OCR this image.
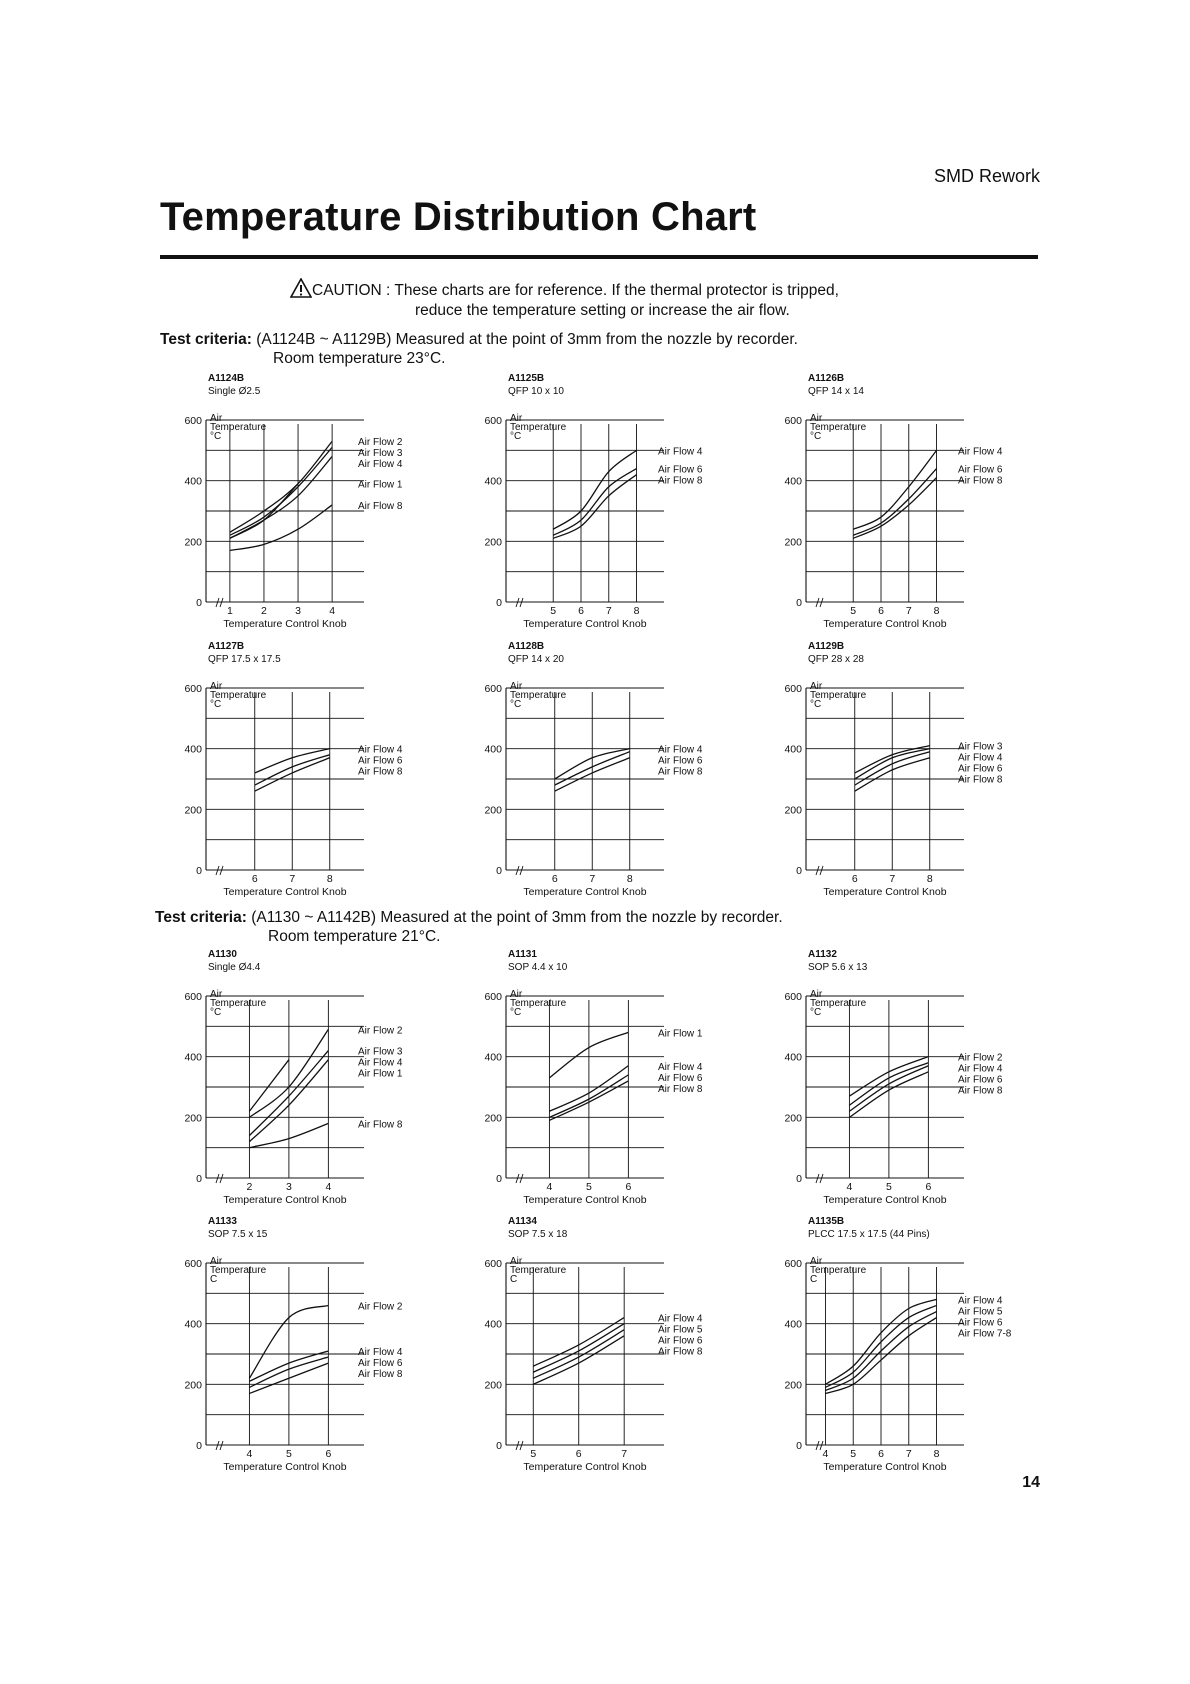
SMD Rework
Temperature Distribution Chart
CAUTION : These charts are for reference. If the thermal protector is tripped,
reduce the temperature setting or increase the air flow.
Test criteria: (A1124B ~ A1129B) Measured at the point of 3mm from the nozzle by recorder.
Room temperature 23°C.
Test criteria: (A1130 ~ A1142B) Measured at the point of 3mm from the nozzle by recorder.
Room temperature 21°C.
A1124B
Single Ø2.5
0
200
400
600
1	2	3	4
Air
Temperature
°C
Temperature Control Knob
Air Flow 2
Air Flow 3
Air Flow 4
Air Flow 1
Air Flow 8
A1125B
QFP 10 x 10
0
200
400
600
5 6 7 8
Air
Temperature
°C
Temperature Control Knob
Air Flow 4
Air Flow 6
Air Flow 8
A1126B
QFP 14 x 14
0
200
400
600
5 6 7 8
Air
Temperature
°C
Temperature Control Knob
Air Flow 4
Air Flow 6
Air Flow 8
A1127B
QFP 17.5 x 17.5
0
200
400
600
6	7	8
Air
Temperature
°C
Temperature Control Knob
Air Flow 4
Air Flow 6
Air Flow 8
A1128B
QFP 14 x 20
0
200
400
600
6	7	8
Air
Temperature
°C
Temperature Control Knob
Air Flow 4
Air Flow 6
Air Flow 8
A1129B
QFP 28 x 28
0
200
400
600
6	7	8
Air
Temperature
°C
Temperature Control Knob
Air Flow 3
Air Flow 4
Air Flow 6
Air Flow 8
A1130
Single Ø4.4
0
200
400
600
2	3	4
Air
Temperature
°C
Temperature Control Knob
Air Flow 2
Air Flow 3
Air Flow 4
Air Flow 1
Air Flow 8
A1131
SOP 4.4 x 10
0
200
400
600
4	5	6
Air
Temperature
°C
Temperature Control Knob
Air Flow 1
Air Flow 4
Air Flow 6
Air Flow 8
A1132
SOP 5.6 x 13
0
200
400
600
4	5	6
Air
Temperature
°C
Temperature Control Knob
Air Flow 2
Air Flow 4
Air Flow 6
Air Flow 8
A1133
SOP 7.5 x 15
0
200
400
600
4	5	6
Air
Temperature
C
Temperature Control Knob
Air Flow 2
Air Flow 4
Air Flow 6
Air Flow 8
A1134
SOP 7.5 x 18
0
200
400
600
5	6	7
Air
Temperature
C
Temperature Control Knob
Air Flow 4
Air Flow 5
Air Flow 6
Air Flow 8
A1135B
PLCC 17.5 x 17.5 (44 Pins)
0
200
400
600
4 5 6 7 8
Air
Temperature
C
Temperature Control Knob
Air Flow 4
Air Flow 5
Air Flow 6
Air Flow 7-8
14
